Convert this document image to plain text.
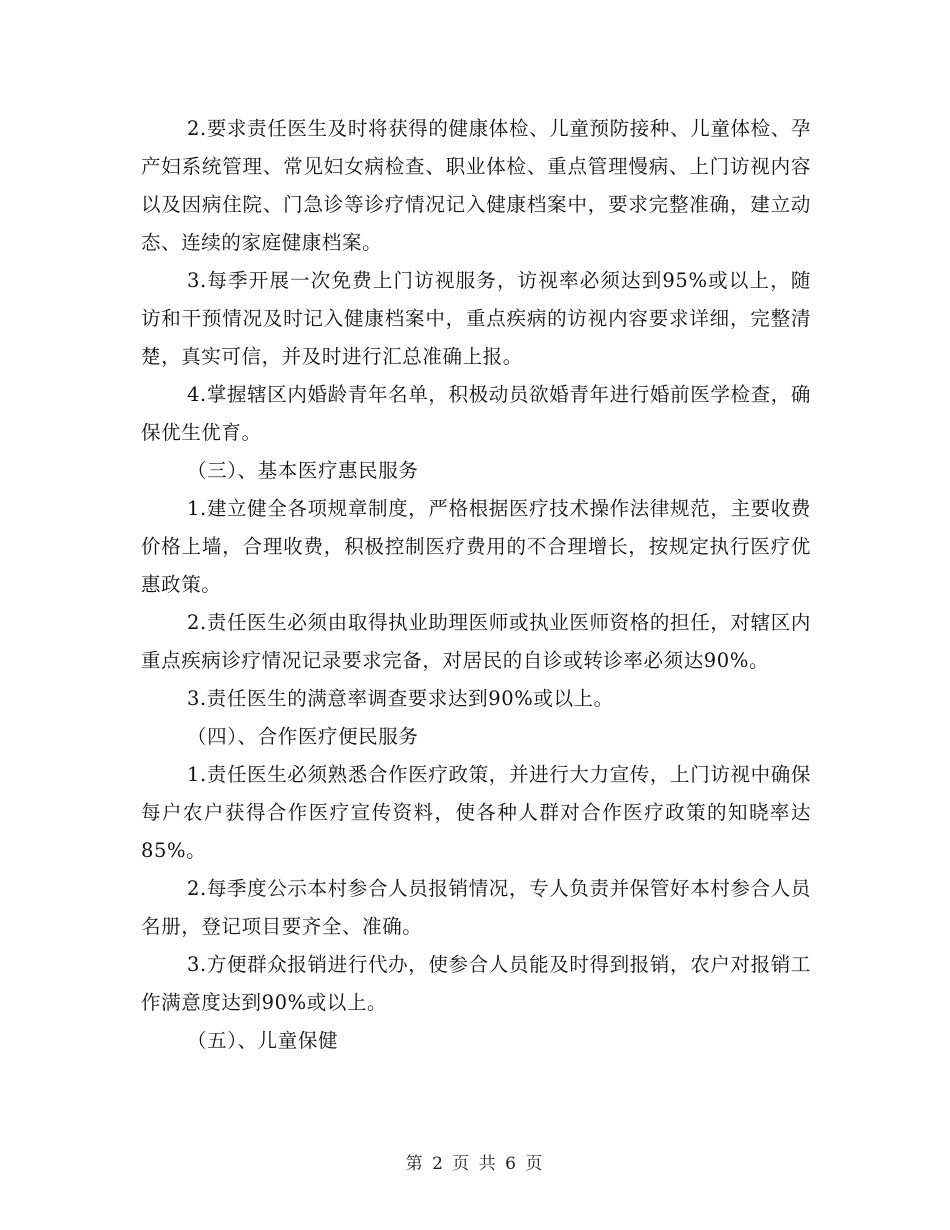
2.要求责任医生及时将获得的健康体检、儿童预防接种、儿童体检、孕产妇系统管理、常见妇女病检查、职业体检、重点管理慢病、上门访视内容以及因病住院、门急诊等诊疗情况记入健康档案中，要求完整准确，建立动态、连续的家庭健康档案。

3.每季开展一次免费上门访视服务，访视率必须达到95%或以上，随访和干预情况及时记入健康档案中，重点疾病的访视内容要求详细，完整清楚，真实可信，并及时进行汇总准确上报。

4.掌握辖区内婚龄青年名单，积极动员欲婚青年进行婚前医学检查，确保优生优育。

（三）、基本医疗惠民服务

1.建立健全各项规章制度，严格根据医疗技术操作法律规范，主要收费价格上墙，合理收费，积极控制医疗费用的不合理增长，按规定执行医疗优惠政策。

2.责任医生必须由取得执业助理医师或执业医师资格的担任，对辖区内重点疾病诊疗情况记录要求完备，对居民的自诊或转诊率必须达90%。

3.责任医生的满意率调查要求达到90%或以上。

（四）、合作医疗便民服务

1.责任医生必须熟悉合作医疗政策，并进行大力宣传，上门访视中确保每户农户获得合作医疗宣传资料，使各种人群对合作医疗政策的知晓率达85%。

2.每季度公示本村参合人员报销情况，专人负责并保管好本村参合人员名册，登记项目要齐全、准确。

3.方便群众报销进行代办，使参合人员能及时得到报销，农户对报销工作满意度达到90%或以上。

（五）、儿童保健

第 2 页 共 6 页
